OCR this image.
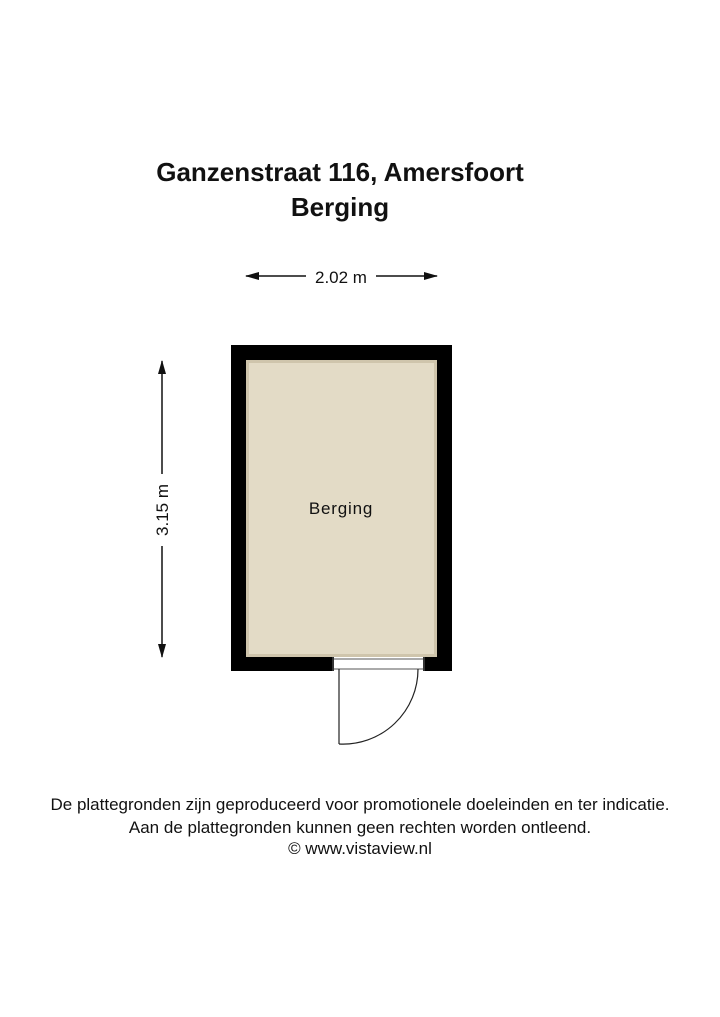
Ganzenstraat 116, Amersfoort
Berging
2.02 m
3.15 m	Berging
De plattegronden zijn geproduceerd voor promotionele doeleinden en ter indicatie.
Aan de plattegronden kunnen geen rechten worden ontleend.
© www.vistaview.nl
